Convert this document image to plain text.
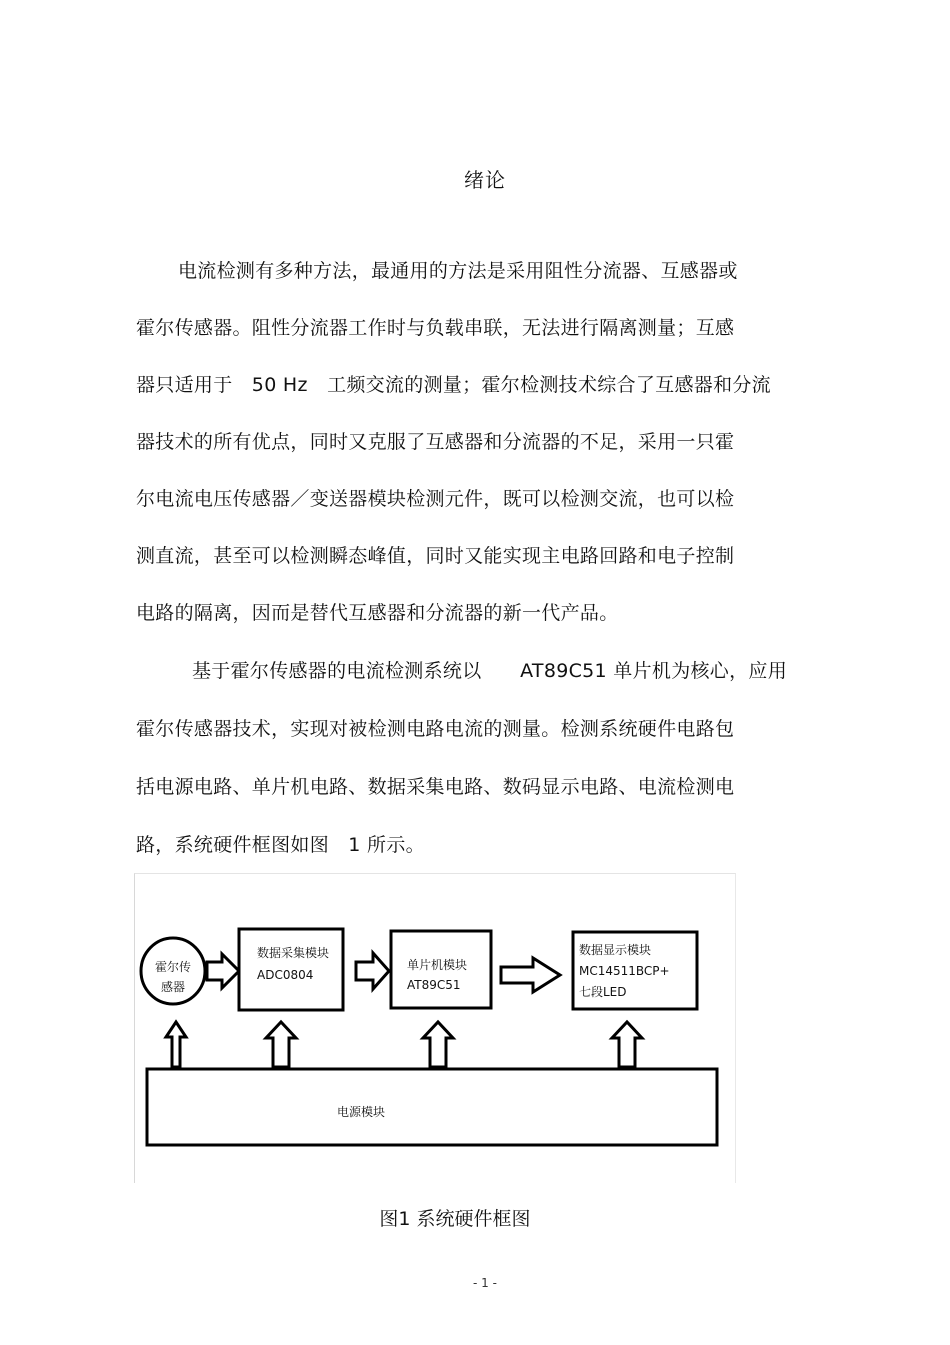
绪论
电流检测有多种方法，最通用的方法是采用阻性分流器、互感器或
霍尔传感器。阻性分流器工作时与负载串联，无法进行隔离测量；互感
器只适用于　50 Hz　工频交流的测量；霍尔检测技术综合了互感器和分流
器技术的所有优点，同时又克服了互感器和分流器的不足，采用一只霍
尔电流电压传感器／变送器模块检测元件，既可以检测交流，也可以检
测直流，甚至可以检测瞬态峰值，同时又能实现主电路回路和电子控制
电路的隔离，因而是替代互感器和分流器的新一代产品。
基于霍尔传感器的电流检测系统以　　AT89C51 单片机为核心，应用
霍尔传感器技术，实现对被检测电路电流的测量。检测系统硬件电路包
括电源电路、单片机电路、数据采集电路、数码显示电路、电流检测电
路，系统硬件框图如图　1 所示。
霍尔传
感器
数据采集模块
ADC0804
单片机模块
AT89C51
数据显示模块
MC14511BCP+
七段LED
电源模块
图1 系统硬件框图
- 1 -
